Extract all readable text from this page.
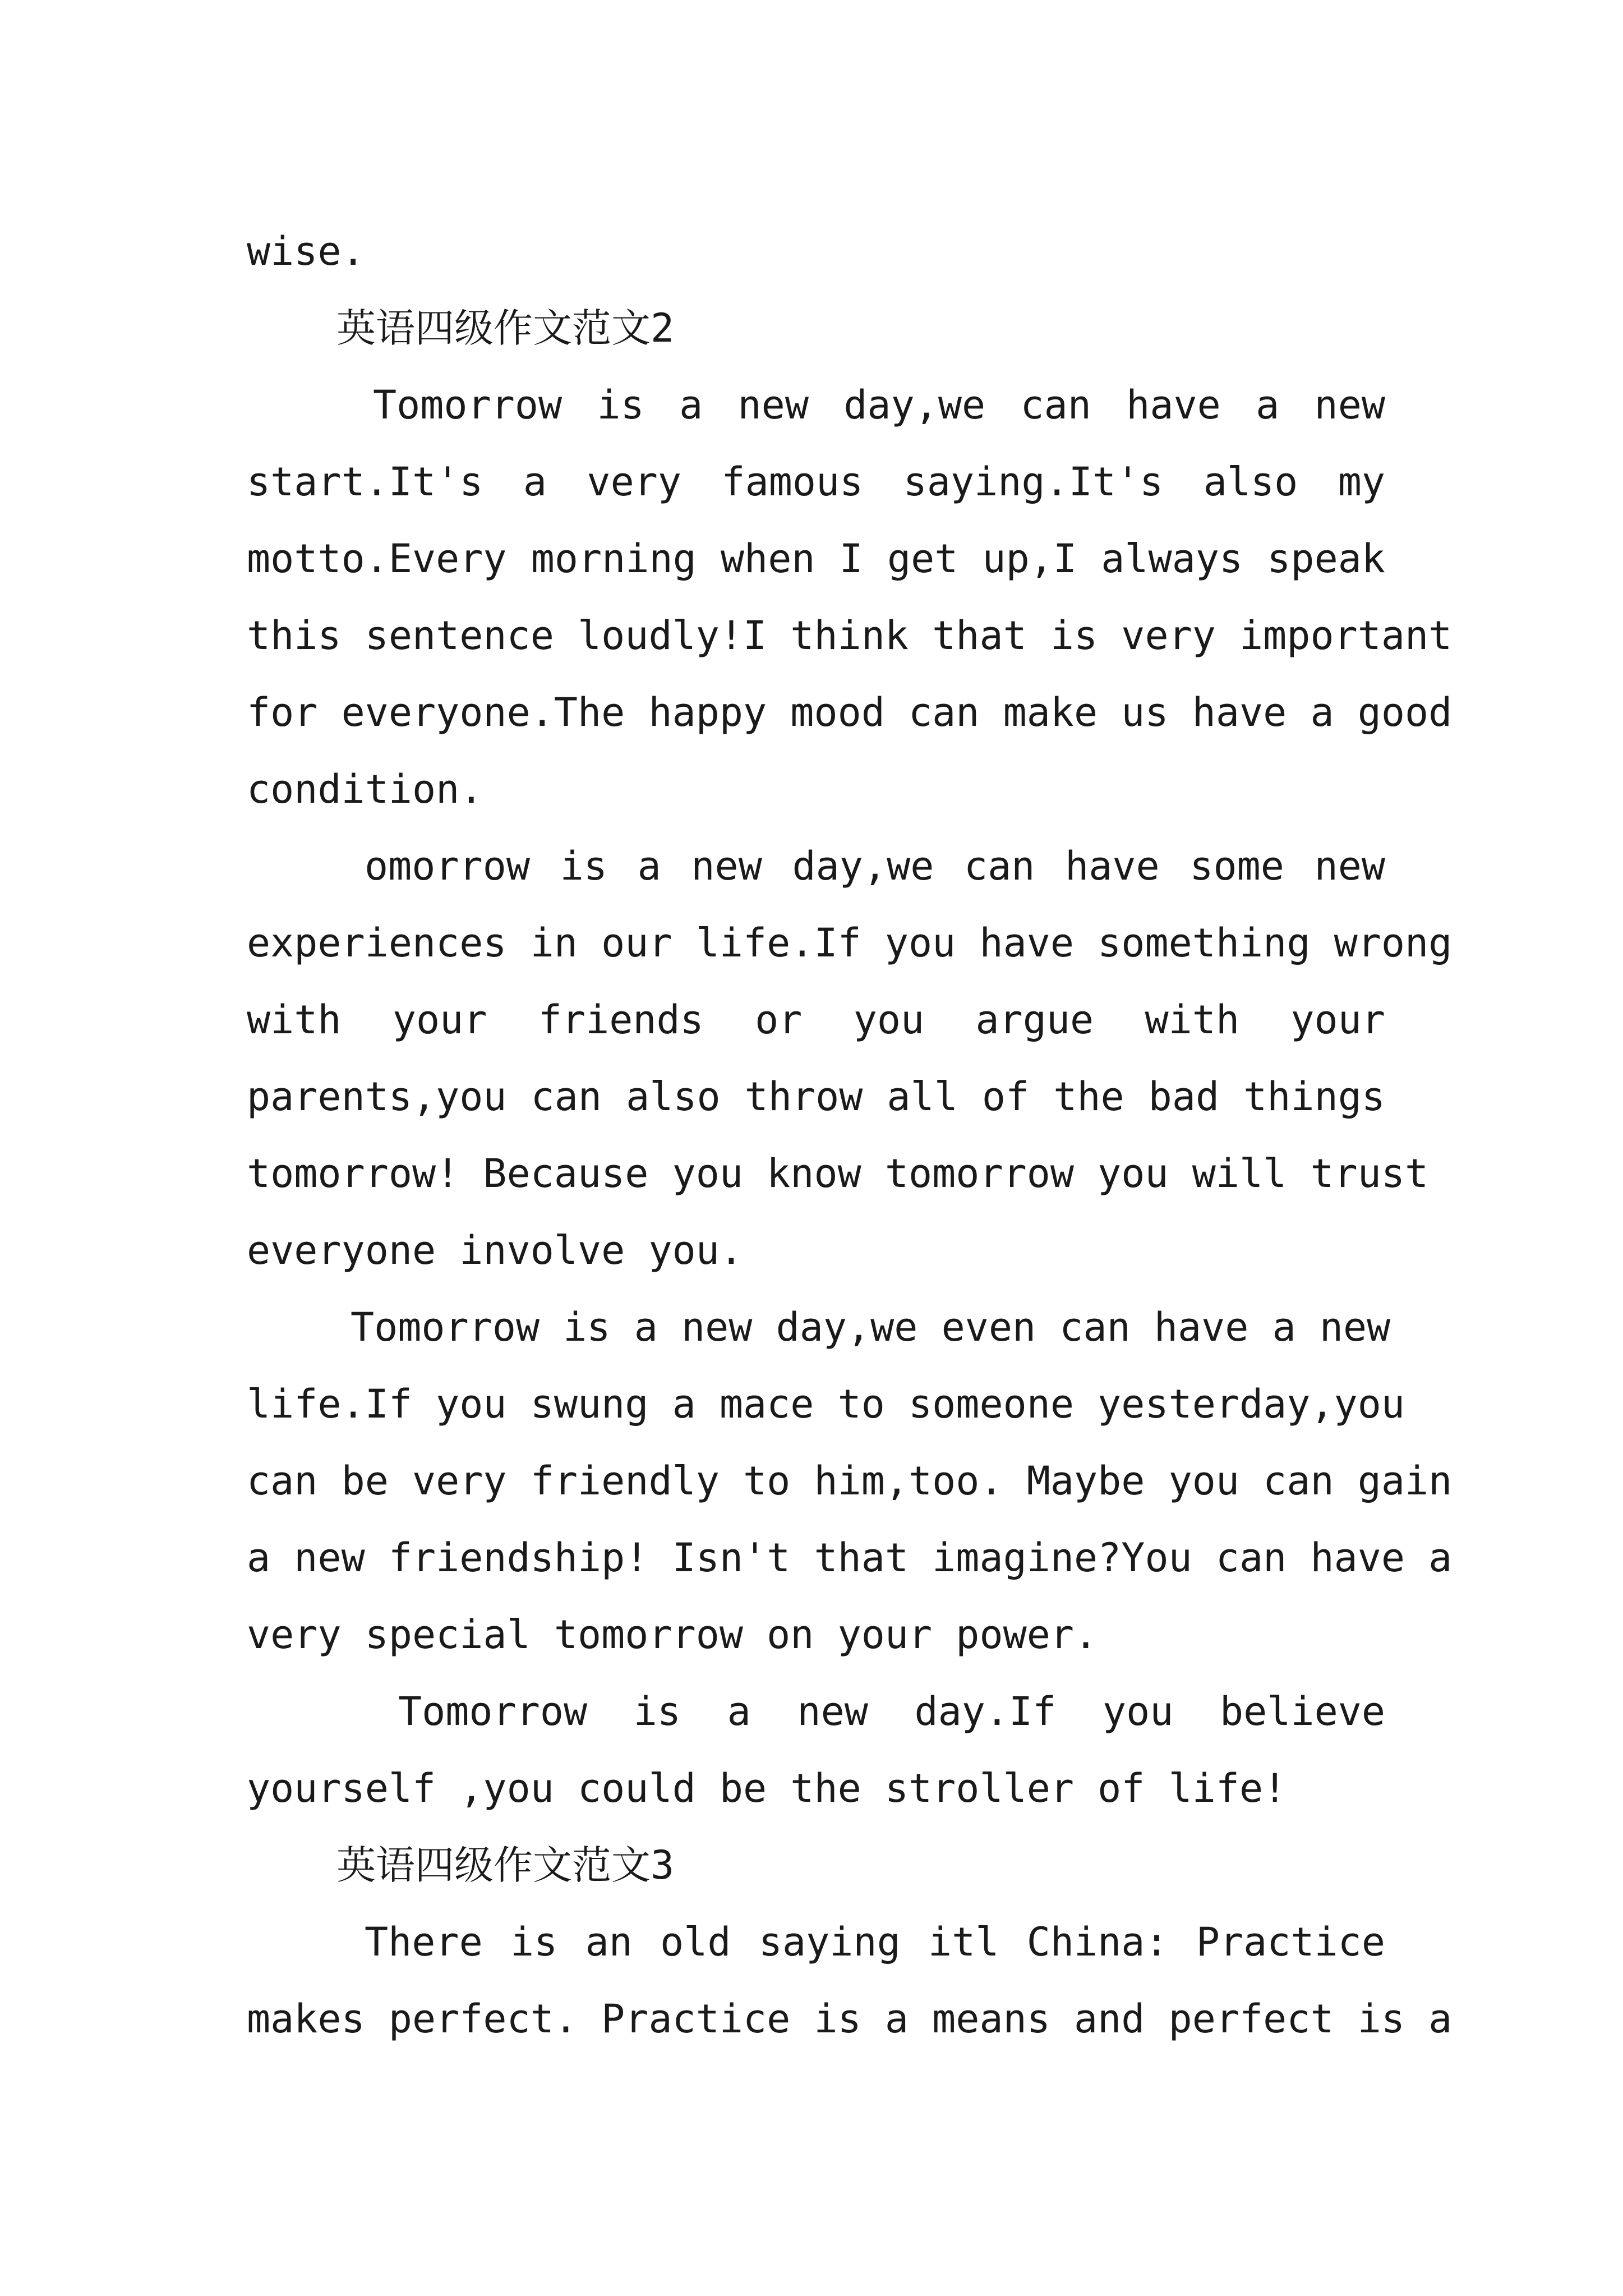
wise.
英语四级作文范文2
Tomorrow is a new day,we can have a new
start.It's a very famous saying.It's also my
motto.Every morning when I get up,I always speak
this sentence loudly!I think that is very important
for everyone.The happy mood can make us have a good
condition.
omorrow is a new day,we can have some new
experiences in our life.If you have something wrong
with your friends or you argue with your
parents,you can also throw all of the bad things
tomorrow! Because you know tomorrow you will trust
everyone involve you.
Tomorrow is a new day,we even can have a new
life.If you swung a mace to someone yesterday,you
can be very friendly to him,too. Maybe you can gain
a new friendship! Isn't that imagine?You can have a
very special tomorrow on your power.
Tomorrow is a new day.If you believe
yourself ,you could be the stroller of life!
英语四级作文范文3
There is an old saying itl China: Practice
makes perfect. Practice is a means and perfect is a
